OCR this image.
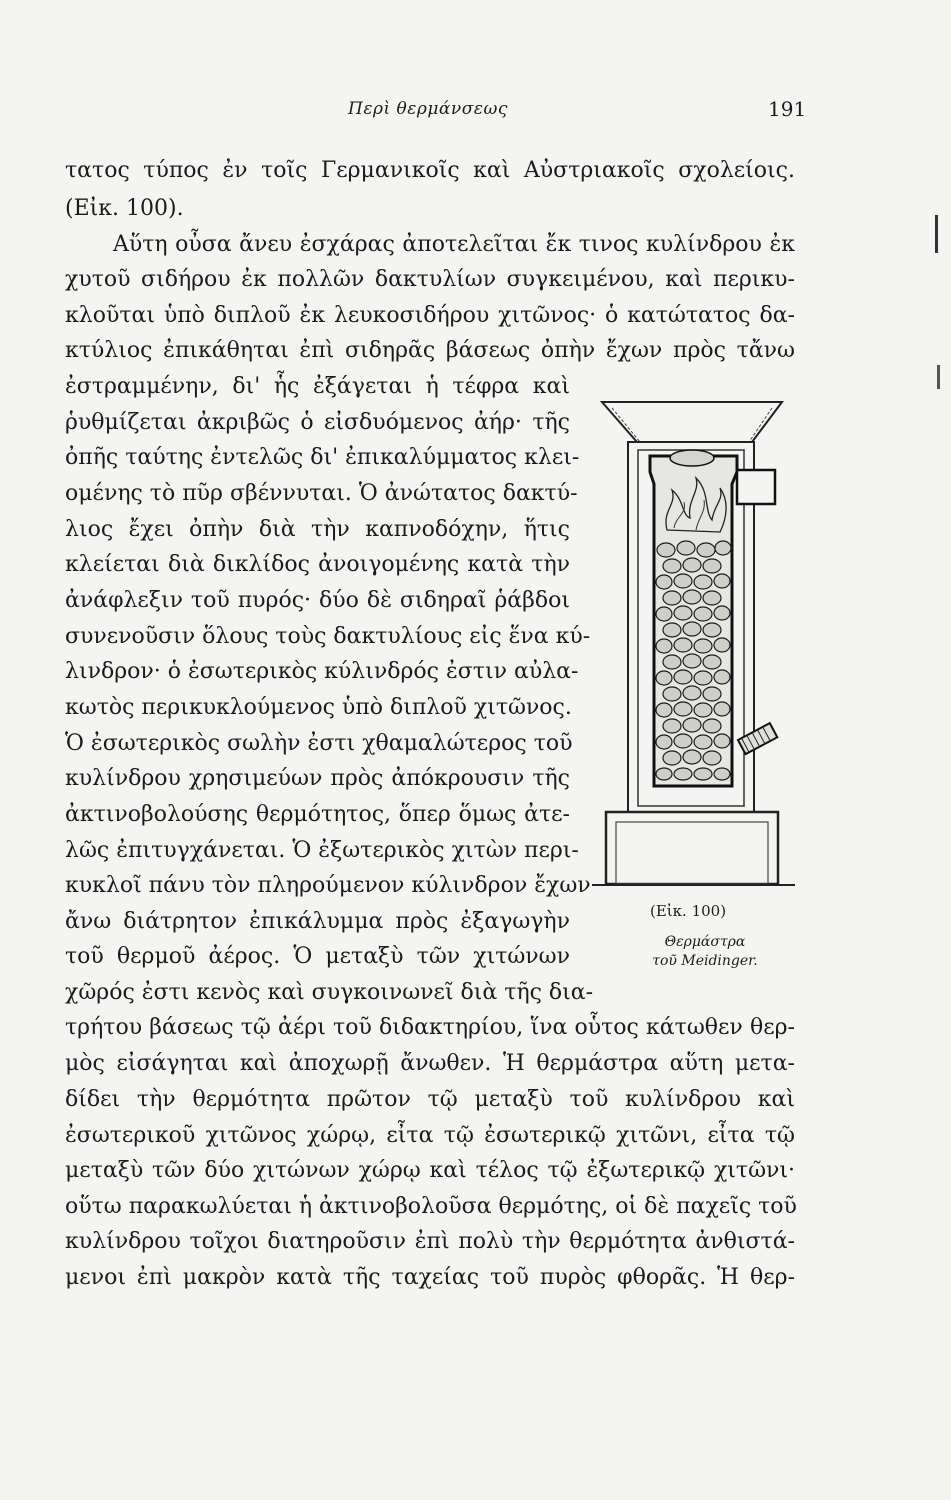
Περὶ θερμάνσεως	191
τατος τύπος ἐν τοῖς Γερμανικοῖς καὶ Αὐστριακοῖς σχολείοις.
(Εἰκ. 100).
Αὕτη οὖσα ἄνευ ἐσχάρας ἀποτελεῖται ἔκ τινος κυλίνδρου ἐκ
χυτοῦ σιδήρου ἐκ πολλῶν δακτυλίων συγκειμένου, καὶ περικυ-
κλοῦται ὑπὸ διπλοῦ ἐκ λευκοσιδήρου χιτῶνος· ὁ κατώτατος δα-
κτύλιος ἐπικάθηται ἐπὶ σιδηρᾶς βάσεως ὀπὴν ἔχων πρὸς τἄνω
ἐστραμμένην, δι' ἧς ἐξάγεται ἡ τέφρα καὶ
ῥυθμίζεται ἀκριβῶς ὁ εἰσδυόμενος ἀήρ· τῆς
ὀπῆς ταύτης ἐντελῶς δι' ἐπικαλύμματος κλει-
ομένης τὸ πῦρ σβέννυται. Ὁ ἀνώτατος δακτύ-
λιος ἔχει ὀπὴν διὰ τὴν καπνοδόχην, ἥτις
κλείεται διὰ δικλίδος ἀνοιγομένης κατὰ τὴν
ἀνάφλεξιν τοῦ πυρός· δύο δὲ σιδηραῖ ῥάβδοι
συνενοῦσιν ὅλους τοὺς δακτυλίους εἰς ἕνα κύ-
λινδρον· ὁ ἐσωτερικὸς κύλινδρός ἐστιν αὐλα-
κωτὸς περικυκλούμενος ὑπὸ διπλοῦ χιτῶνος.
Ὁ ἐσωτερικὸς σωλὴν ἐστι χθαμαλώτερος τοῦ
κυλίνδρου χρησιμεύων πρὸς ἀπόκρουσιν τῆς
ἀκτινοβολούσης θερμότητος, ὅπερ ὅμως ἀτε-
λῶς ἐπιτυγχάνεται. Ὁ ἐξωτερικὸς χιτὼν περι-
κυκλοῖ πάνυ τὸν πληρούμενον κύλινδρον ἔχων
ἄνω διάτρητον ἐπικάλυμμα πρὸς ἐξαγωγὴν
τοῦ θερμοῦ ἀέρος. Ὁ μεταξὺ τῶν χιτώνων
χῶρός ἐστι κενὸς καὶ συγκοινωνεῖ διὰ τῆς δια-
τρήτου βάσεως τῷ ἀέρι τοῦ διδακτηρίου, ἵνα οὗτος κάτωθεν θερ-
μὸς εἰσάγηται καὶ ἀποχωρῇ ἄνωθεν. Ἡ θερμάστρα αὕτη μετα-
δίδει τὴν θερμότητα πρῶτον τῷ μεταξὺ τοῦ κυλίνδρου καὶ
ἐσωτερικοῦ χιτῶνος χώρῳ, εἶτα τῷ ἐσωτερικῷ χιτῶνι, εἶτα τῷ
μεταξὺ τῶν δύο χιτώνων χώρῳ καὶ τέλος τῷ ἐξωτερικῷ χιτῶνι·
οὕτω παρακωλύεται ἡ ἀκτινοβολοῦσα θερμότης, οἱ δὲ παχεῖς τοῦ
κυλίνδρου τοῖχοι διατηροῦσιν ἐπὶ πολὺ τὴν θερμότητα ἀνθιστά-
μενοι ἐπὶ μακρὸν κατὰ τῆς ταχείας τοῦ πυρὸς φθορᾶς. Ἡ θερ-
(Εἰκ. 100)
Θερμάστρα
τοῦ Meidinger.
